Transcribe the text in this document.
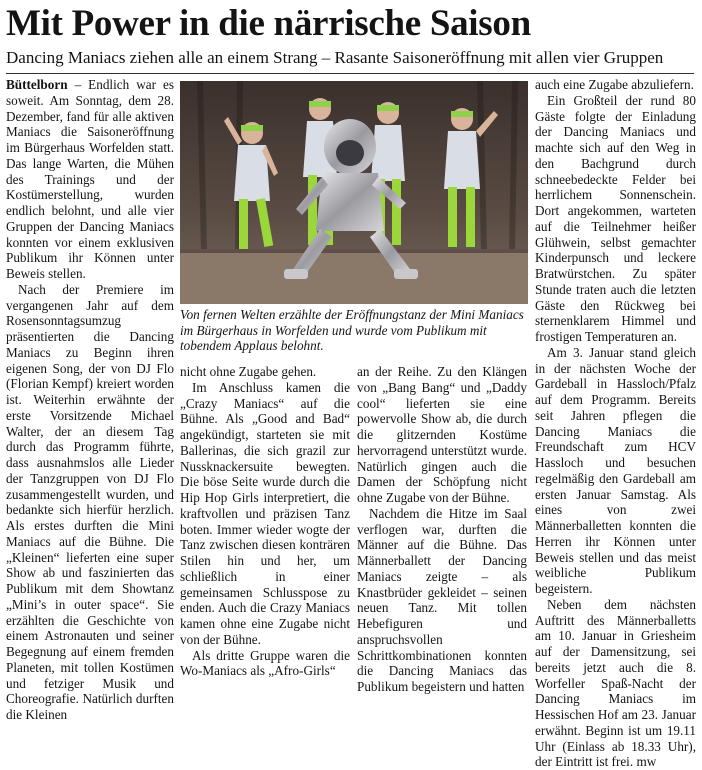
Mit Power in die närrische Saison
Dancing Maniacs ziehen alle an einem Strang – Rasante Saisoneröffnung mit allen vier Gruppen

Büttelborn – Endlich war es soweit. Am Sonntag, dem 28. Dezember, fand für alle aktiven Maniacs die Saisoneröffnung im Bürgerhaus Worfelden statt. Das lange Warten, die Mühen des Trainings und der Kostümerstellung, wurden endlich belohnt, und alle vier Gruppen der Dancing Maniacs konnten vor einem exklusiven Publikum ihr Können unter Beweis stellen.

Nach der Premiere im vergangenen Jahr auf dem Rosensonntagsumzug präsentierten die Dancing Maniacs zu Beginn ihren eigenen Song, der von DJ Flo (Florian Kempf) kreiert worden ist. Weiterhin erwähnte der erste Vorsitzende Michael Walter, der an diesem Tag durch das Programm führte, dass ausnahmslos alle Lieder der Tanzgruppen von DJ Flo zusammengestellt wurden, und bedankte sich hierfür herzlich. Als erstes durften die Mini Maniacs auf die Bühne. Die „Kleinen“ lieferten eine super Show ab und faszinierten das Publikum mit dem Showtanz „Mini’s in outer space“. Sie erzählten die Geschichte von einem Astronauten und seiner Begegnung auf einem fremden Planeten, mit tollen Kostümen und fetziger Musik und Choreografie. Natürlich durften die Kleinen

Von fernen Welten erzählte der Eröffnungstanz der Mini Maniacs im Bürgerhaus in Worfelden und wurde vom Publikum mit tobendem Applaus belohnt.

nicht ohne Zugabe gehen.

Im Anschluss kamen die „Crazy Maniacs“ auf die Bühne. Als „Good and Bad“ angekündigt, starteten sie mit Ballerinas, die sich grazil zur Nussknackersuite bewegten. Die böse Seite wurde durch die Hip Hop Girls interpretiert, die kraftvollen und präzisen Tanz boten. Immer wieder wogte der Tanz zwischen diesen konträren Stilen hin und her, um schließlich in einer gemeinsamen Schlusspose zu enden. Auch die Crazy Maniacs kamen ohne eine Zugabe nicht von der Bühne.

Als dritte Gruppe waren die Wo-Maniacs als „Afro-Girls“

an der Reihe. Zu den Klängen von „Bang Bang“ und „Daddy cool“ lieferten sie eine powervolle Show ab, die durch die glitzernden Kostüme hervorragend unterstützt wurde. Natürlich gingen auch die Damen der Schöpfung nicht ohne Zugabe von der Bühne.

Nachdem die Hitze im Saal verflogen war, durften die Männer auf die Bühne. Das Männerballett der Dancing Maniacs zeigte – als Knastbrüder gekleidet – seinen neuen Tanz. Mit tollen Hebefiguren und anspruchsvollen Schrittkombinationen konnten die Dancing Maniacs das Publikum begeistern und hatten

auch eine Zugabe abzuliefern.

Ein Großteil der rund 80 Gäste folgte der Einladung der Dancing Maniacs und machte sich auf den Weg in den Bachgrund durch schneebedeckte Felder bei herrlichem Sonnenschein. Dort angekommen, warteten auf die Teilnehmer heißer Glühwein, selbst gemachter Kinderpunsch und leckere Bratwürstchen. Zu später Stunde traten auch die letzten Gäste den Rückweg bei sternenklarem Himmel und frostigen Temperaturen an.

Am 3. Januar stand gleich in der nächsten Woche der Gardeball in Hassloch/Pfalz auf dem Programm. Bereits seit Jahren pflegen die Dancing Maniacs die Freundschaft zum HCV Hassloch und besuchen regelmäßig den Gardeball am ersten Januar Samstag. Als eines von zwei Männerballetten konnten die Herren ihr Können unter Beweis stellen und das meist weibliche Publikum begeistern.

Neben dem nächsten Auftritt des Männerballetts am 10. Januar in Griesheim auf der Damensitzung, sei bereits jetzt auch die 8. Worfeller Spaß-Nacht der Dancing Maniacs im Hessischen Hof am 23. Januar erwähnt. Beginn ist um 19.11 Uhr (Einlass ab 18.33 Uhr), der Eintritt ist frei. mw
